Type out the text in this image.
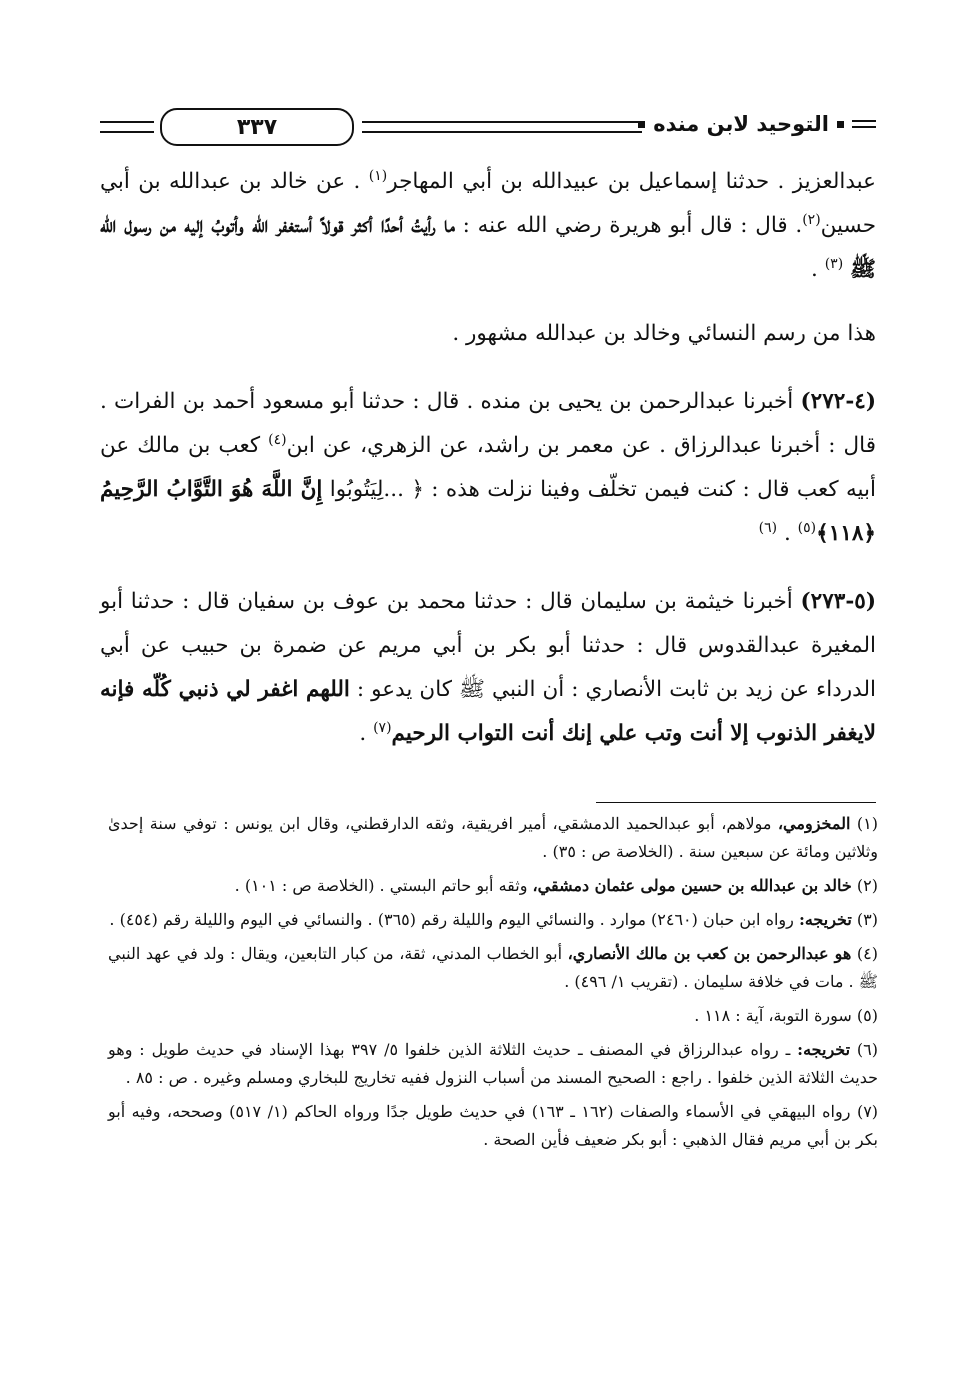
التوحيد لابن منده
٣٣٧

عبدالعزيز . حدثنا إسماعيل بن عبيدالله بن أبي المهاجر$^{(١)}$ . عن خالد بن عبدالله بن أبي حسين$^{(٢)}$. قال : قال أبو هريرة رضي الله عنه : ما رأيتُ أحدًا أكثر قولاً أستغفر الله وأتوبُ إليه من رسول الله ﷺ $^{(٣)}$ .

هذا من رسم النسائي وخالد بن عبدالله مشهور .

(٤-٢٧٢) أخبرنا عبدالرحمن بن يحيى بن منده . قال : حدثنا أبو مسعود أحمد بن الفرات . قال : أخبرنا عبدالرزاق . عن معمر بن راشد، عن الزهري، عن ابن$^{(٤)}$ كعب بن مالك عن أبيه كعب قال : كنت فيمن تخلّف وفينا نزلت هذه : ﴿ ...لِيَتُوبُوا إِنَّ اللَّهَ هُوَ التَّوَّابُ الرَّحِيمُ ﴿١١٨﴾$^{(٥)}$ . $^{(٦)}$

(٥-٢٧٣) أخبرنا خيثمة بن سليمان قال : حدثنا محمد بن عوف بن سفيان قال : حدثنا أبو المغيرة عبدالقدوس قال : حدثنا أبو بكر بن أبي مريم عن ضمرة بن حبيب عن أبي الدرداء عن زيد بن ثابت الأنصاري : أن النبي ﷺ كان يدعو : اللهم اغفر لي ذنبي كُلّه فإنه لايغفر الذنوب إلا أنت وتب علي إنك أنت التواب الرحيم$^{(٧)}$ .

(١) المخزومي، مولاهم، أبو عبدالحميد الدمشقي، أمير افريقية، وثقه الدارقطني، وقال ابن يونس : توفي سنة إحدىٰ وثلاثين ومائة عن سبعين سنة . (الخلاصة ص : ٣٥) .

(٢) خالد بن عبدالله بن حسين مولى عثمان دمشقي، وثقه أبو حاتم البستي . (الخلاصة ص : ١٠١) .

(٣) تخريجه: رواه ابن حبان (٢٤٦٠) موارد . والنسائي اليوم والليلة رقم (٣٦٥) . والنسائي في اليوم والليلة رقم (٤٥٤) .

(٤) هو عبدالرحمن بن كعب بن مالك الأنصاري، أبو الخطاب المدني، ثقة، من كبار التابعين، ويقال : ولد في عهد النبي ﷺ . مات في خلافة سليمان . (تقريب ١/ ٤٩٦) .

(٥) سورة التوبة، آية : ١١٨ .

(٦) تخريجه: ـ رواه عبدالرزاق في المصنف ـ حديث الثلاثة الذين خلفوا ٥/ ٣٩٧ بهذا الإسناد في حديث طويل : وهو حديث الثلاثة الذين خلفوا . راجع : الصحيح المسند من أسباب النزول ففيه تخاريج للبخاري ومسلم وغيره . ص : ٨٥ .

(٧) رواه البيهقي في الأسماء والصفات (١٦٢ ـ ١٦٣) في حديث طويل جدًا ورواه الحاكم (١/ ٥١٧) وصححه، وفيه أبو بكر بن أبي مريم فقال الذهبي : أبو بكر ضعيف فأين الصحة .
